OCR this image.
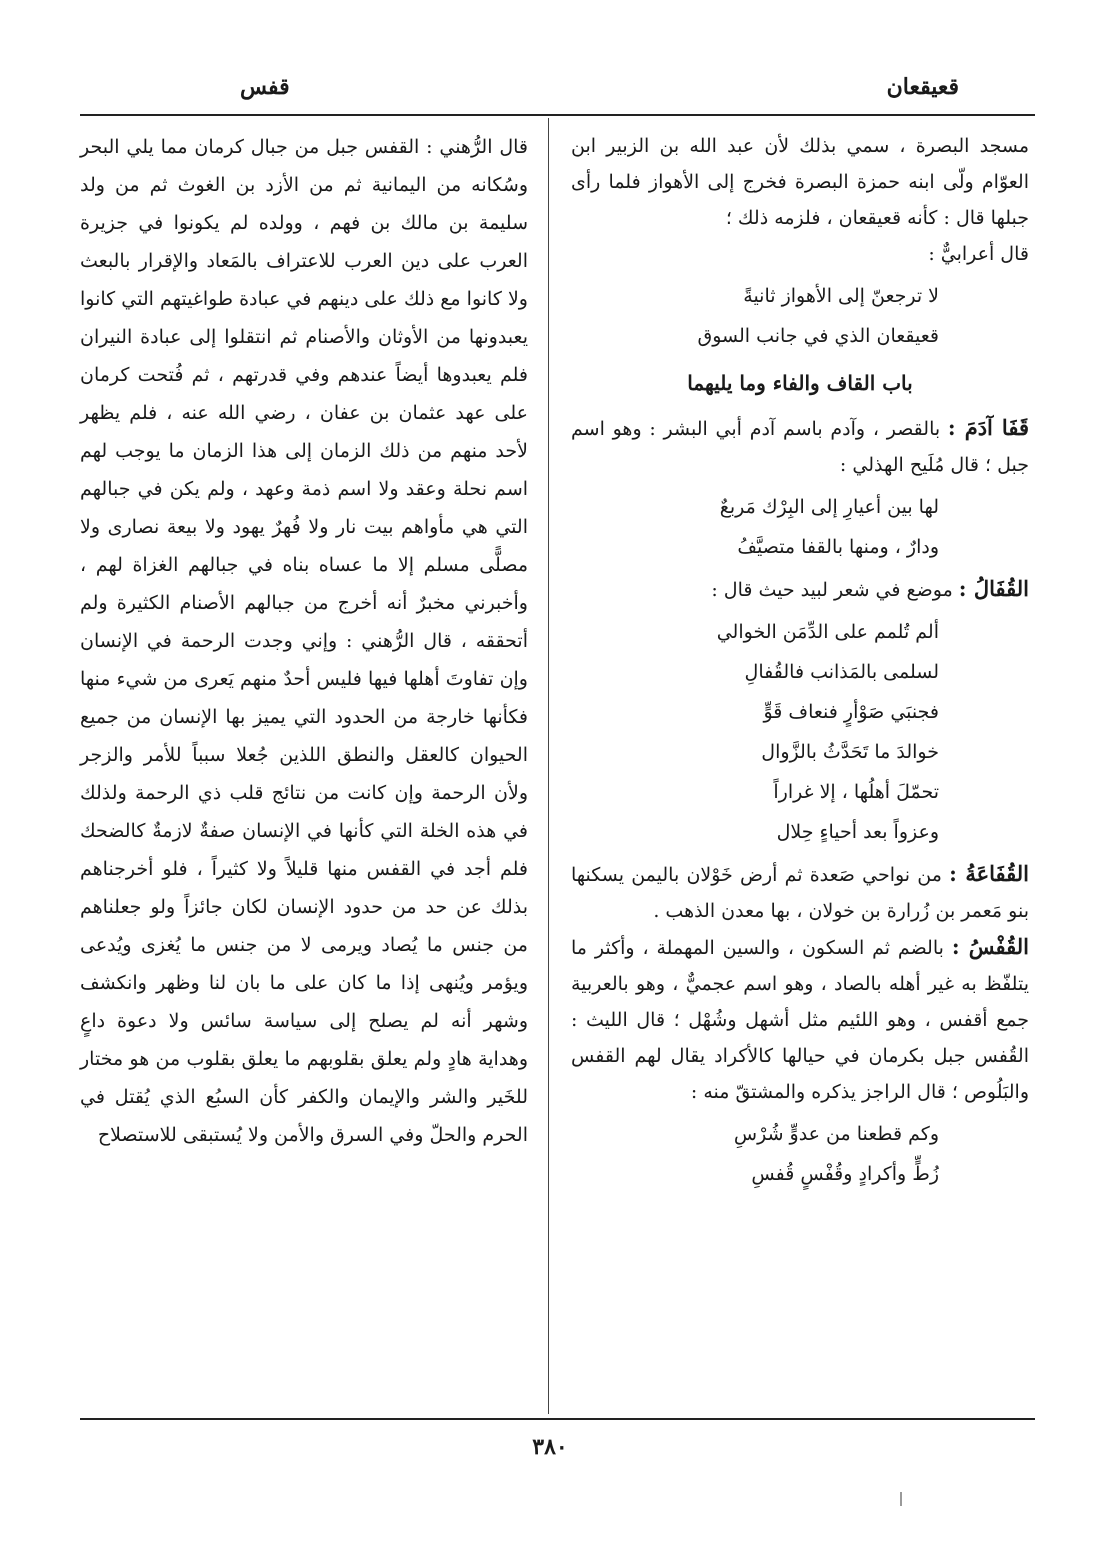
قعيقعان
قفس

مسجد البصرة ، سمي بذلك لأن عبد الله بن الزبير ابن العوّام ولّى ابنه حمزة البصرة فخرج إلى الأهواز فلما رأى جبلها قال : كأنه قعيقعان ، فلزمه ذلك ؛
قال أعرابيٌّ :

لا ترجعنّ إلى الأهواز ثانيةً
قعيقعان الذي في جانب السوق
باب القاف والفاء وما يليهما

قَفَا آدَمَ : بالقصر ، وآدم باسم آدم أبي البشر : وهو اسم جبل ؛ قال مُلَيح الهذلي :

لها بين أعيارِ إلى البِرْك مَربعٌ
ودارٌ ، ومنها بالقفا متصيَّفُ

القُفَالُ : موضع في شعر لبيد حيث قال :

ألم تُلمم على الدِّمَن الخوالي
لسلمى بالمَذانب فالقُفالِ
فجنبَي صَوْأرٍ فنعاف قَوٍّ
خوالدَ ما تَحَدَّثُ بالزَّوال
تحمّلَ أهلُها ، إلا غراراً
وعزواً بعد أحياءٍ حِلال

القُفَاعَةُ : من نواحي صَعدة ثم أرض خَوْلان باليمن يسكنها بنو مَعمر بن زُرارة بن خولان ، بها معدن الذهب .

القُفْسُ : بالضم ثم السكون ، والسين المهملة ، وأكثر ما يتلفّظ به غير أهله بالصاد ، وهو اسم عجميٌّ ، وهو بالعربية جمع أقفس ، وهو اللئيم مثل أشهل وشُهْل ؛ قال الليث : القُفس جبل بكرمان في حيالها كالأكراد يقال لهم القفس والبَلُوص ؛ قال الراجز يذكره والمشتقّ منه :

وكم قطعنا من عدوٍّ شُرْسِ
زُطٍّ وأكرادٍ وقُفْسٍ قُفسِ

قال الرُّهني : القفس جبل من جبال كرمان مما يلي البحر وسُكانه من اليمانية ثم من الأزد بن الغوث ثم من ولد سليمة بن مالك بن فهم ، وولده لم يكونوا في جزيرة العرب على دين العرب للاعتراف بالمَعاد والإقرار بالبعث ولا كانوا مع ذلك على دينهم في عبادة طواغيتهم التي كانوا يعبدونها من الأوثان والأصنام ثم انتقلوا إلى عبادة النيران فلم يعبدوها أيضاً عندهم وفي قدرتهم ، ثم فُتحت كرمان على عهد عثمان بن عفان ، رضي الله عنه ، فلم يظهر لأحد منهم من ذلك الزمان إلى هذا الزمان ما يوجب لهم اسم نحلة وعقد ولا اسم ذمة وعهد ، ولم يكن في جبالهم التي هي مأواهم بيت نار ولا فُهرٌ يهود ولا بيعة نصارى ولا مصلًّى مسلم إلا ما عساه بناه في جبالهم الغزاة لهم ، وأخبرني مخبرٌ أنه أخرج من جبالهم الأصنام الكثيرة ولم أتحققه ، قال الرُّهني : وإني وجدت الرحمة في الإنسان وإن تفاوتَ أهلها فيها فليس أحدٌ منهم يَعرى من شيء منها فكأنها خارجة من الحدود التي يميز بها الإنسان من جميع الحيوان كالعقل والنطق اللذين جُعلا سبباً للأمر والزجر ولأن الرحمة وإن كانت من نتائج قلب ذي الرحمة ولذلك في هذه الخلة التي كأنها في الإنسان صفةٌ لازمةٌ كالضحك فلم أجد في القفس منها قليلاً ولا كثيراً ، فلو أخرجناهم بذلك عن حد من حدود الإنسان لكان جائزاً ولو جعلناهم من جنس ما يُصاد ويرمى لا من جنس ما يُغزى ويُدعى ويؤمر ويُنهى إذا ما كان على ما بان لنا وظهر وانكشف وشهر أنه لم يصلح إلى سياسة سائس ولا دعوة داعٍ وهداية هادٍ ولم يعلق بقلوبهم ما يعلق بقلوب من هو مختار للخَير والشر والإيمان والكفر كأن السبُع الذي يُقتل في الحرم والحلّ وفي السرق والأمن ولا يُستبقى للاستصلاح

٣٨٠
